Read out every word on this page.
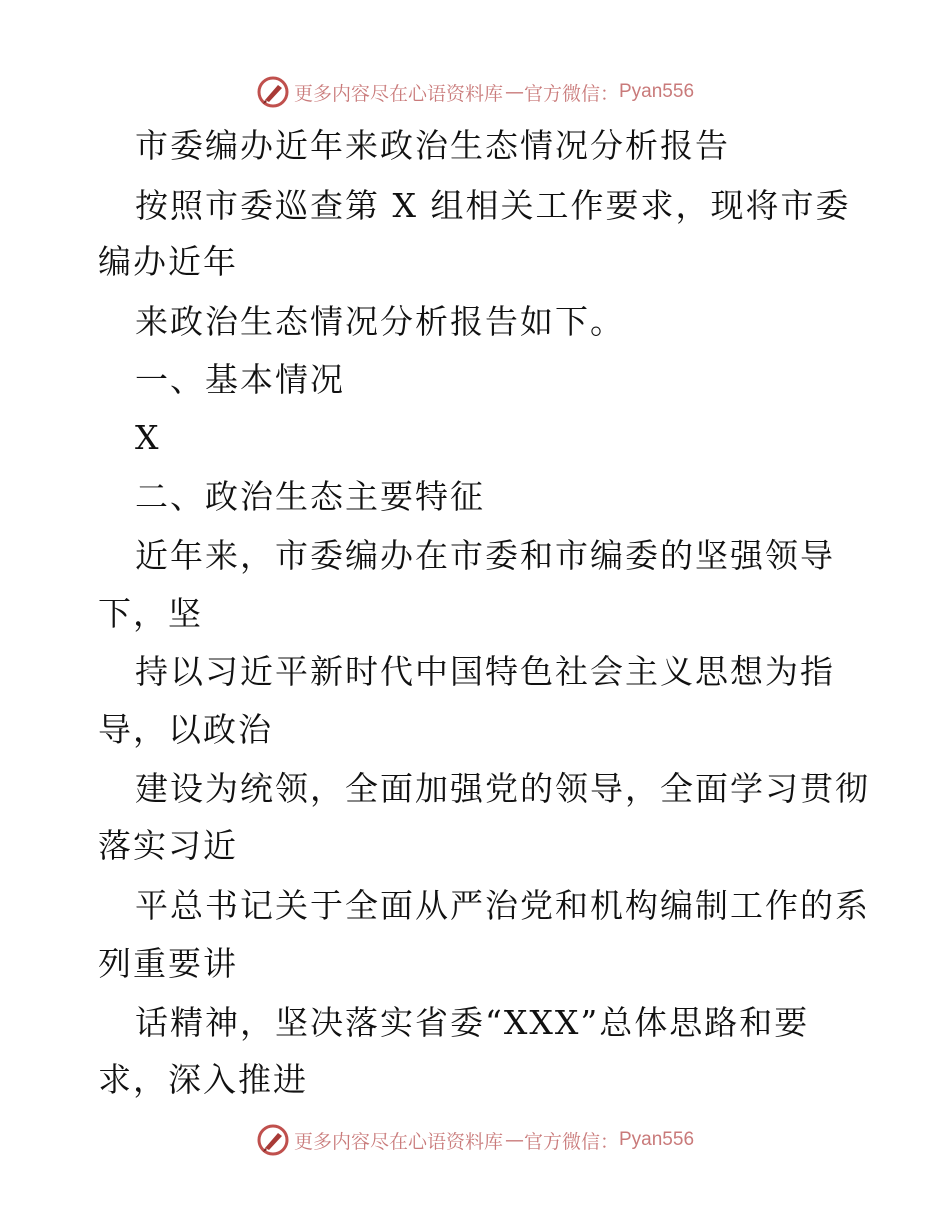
更多内容尽在心语资料库 — 官方微信： Pyan556
市委编办近年来政治生态情况分析报告
按照市委巡查第 X 组相关工作要求，现将市委
编办近年
来政治生态情况分析报告如下。
一、基本情况
X
二、政治生态主要特征
近年来，市委编办在市委和市编委的坚强领导
下，坚
持以习近平新时代中国特色社会主义思想为指
导，以政治
建设为统领，全面加强党的领导，全面学习贯彻
落实习近
平总书记关于全面从严治党和机构编制工作的系
列重要讲
话精神，坚决落实省委“XXX”总体思路和要
求，深入推进
更多内容尽在心语资料库 — 官方微信： Pyan556
